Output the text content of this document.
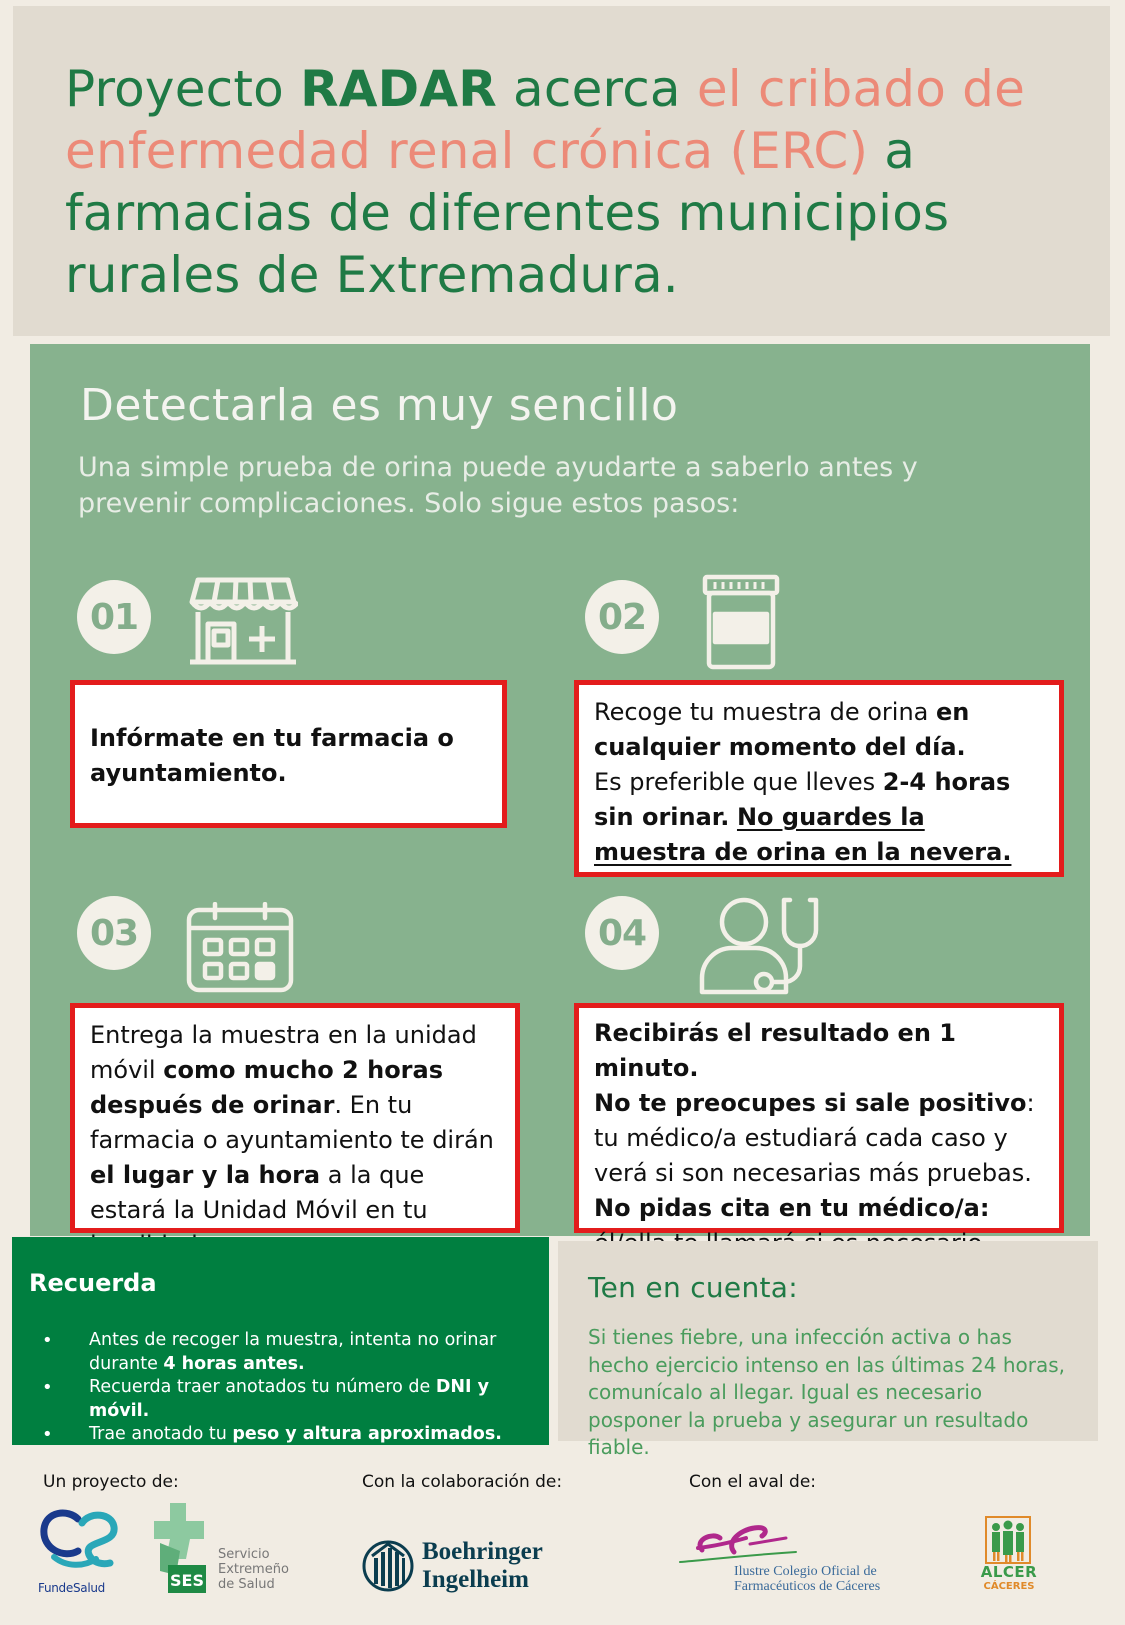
Proyecto RADAR acerca el cribado de enfermedad renal crónica (ERC) a farmacias de diferentes municipios rurales de Extremadura.
Detectarla es muy sencillo
Una simple prueba de orina puede ayudarte a saberlo antes y prevenir complicaciones. Solo sigue estos pasos:
01
Infórmate en tu farmacia o ayuntamiento.
02
Recoge tu muestra de orina en cualquier momento del día.
Es preferible que lleves 2-4 horas sin orinar. No guardes la muestra de orina en la nevera.
03
Entrega la muestra en la unidad móvil como mucho 2 horas después de orinar. En tu farmacia o ayuntamiento te dirán el lugar y la hora a la que estará la Unidad Móvil en tu
04
Recibirás el resultado en 1 minuto.
No te preocupes si sale positivo: tu médico/a estudiará cada caso y verá si son necesarias más pruebas.
No pidas cita en tu médico/a:

Recuerda
• Antes de recoger la muestra, intenta no orinar durante 4 horas antes.
• Recuerda traer anotados tu número de DNI y móvil.
• Trae anotado tu peso y altura aproximados.
Ten en cuenta:

Si tienes fiebre, una infección activa o has hecho ejercicio intenso en las últimas 24 horas, comunícalo al llegar. Igual es necesario posponer la prueba y asegurar un resultado fiable.

Un proyecto de:	Con la colaboración de:	Con el aval de:
FundeSalud	SES
Servicio
Extremeño
de Salud
Boehringer
Ingelheim	Ilustre Colegio Oficial de
Farmacéuticos de Cáceres
ALCER
CÁCERES
